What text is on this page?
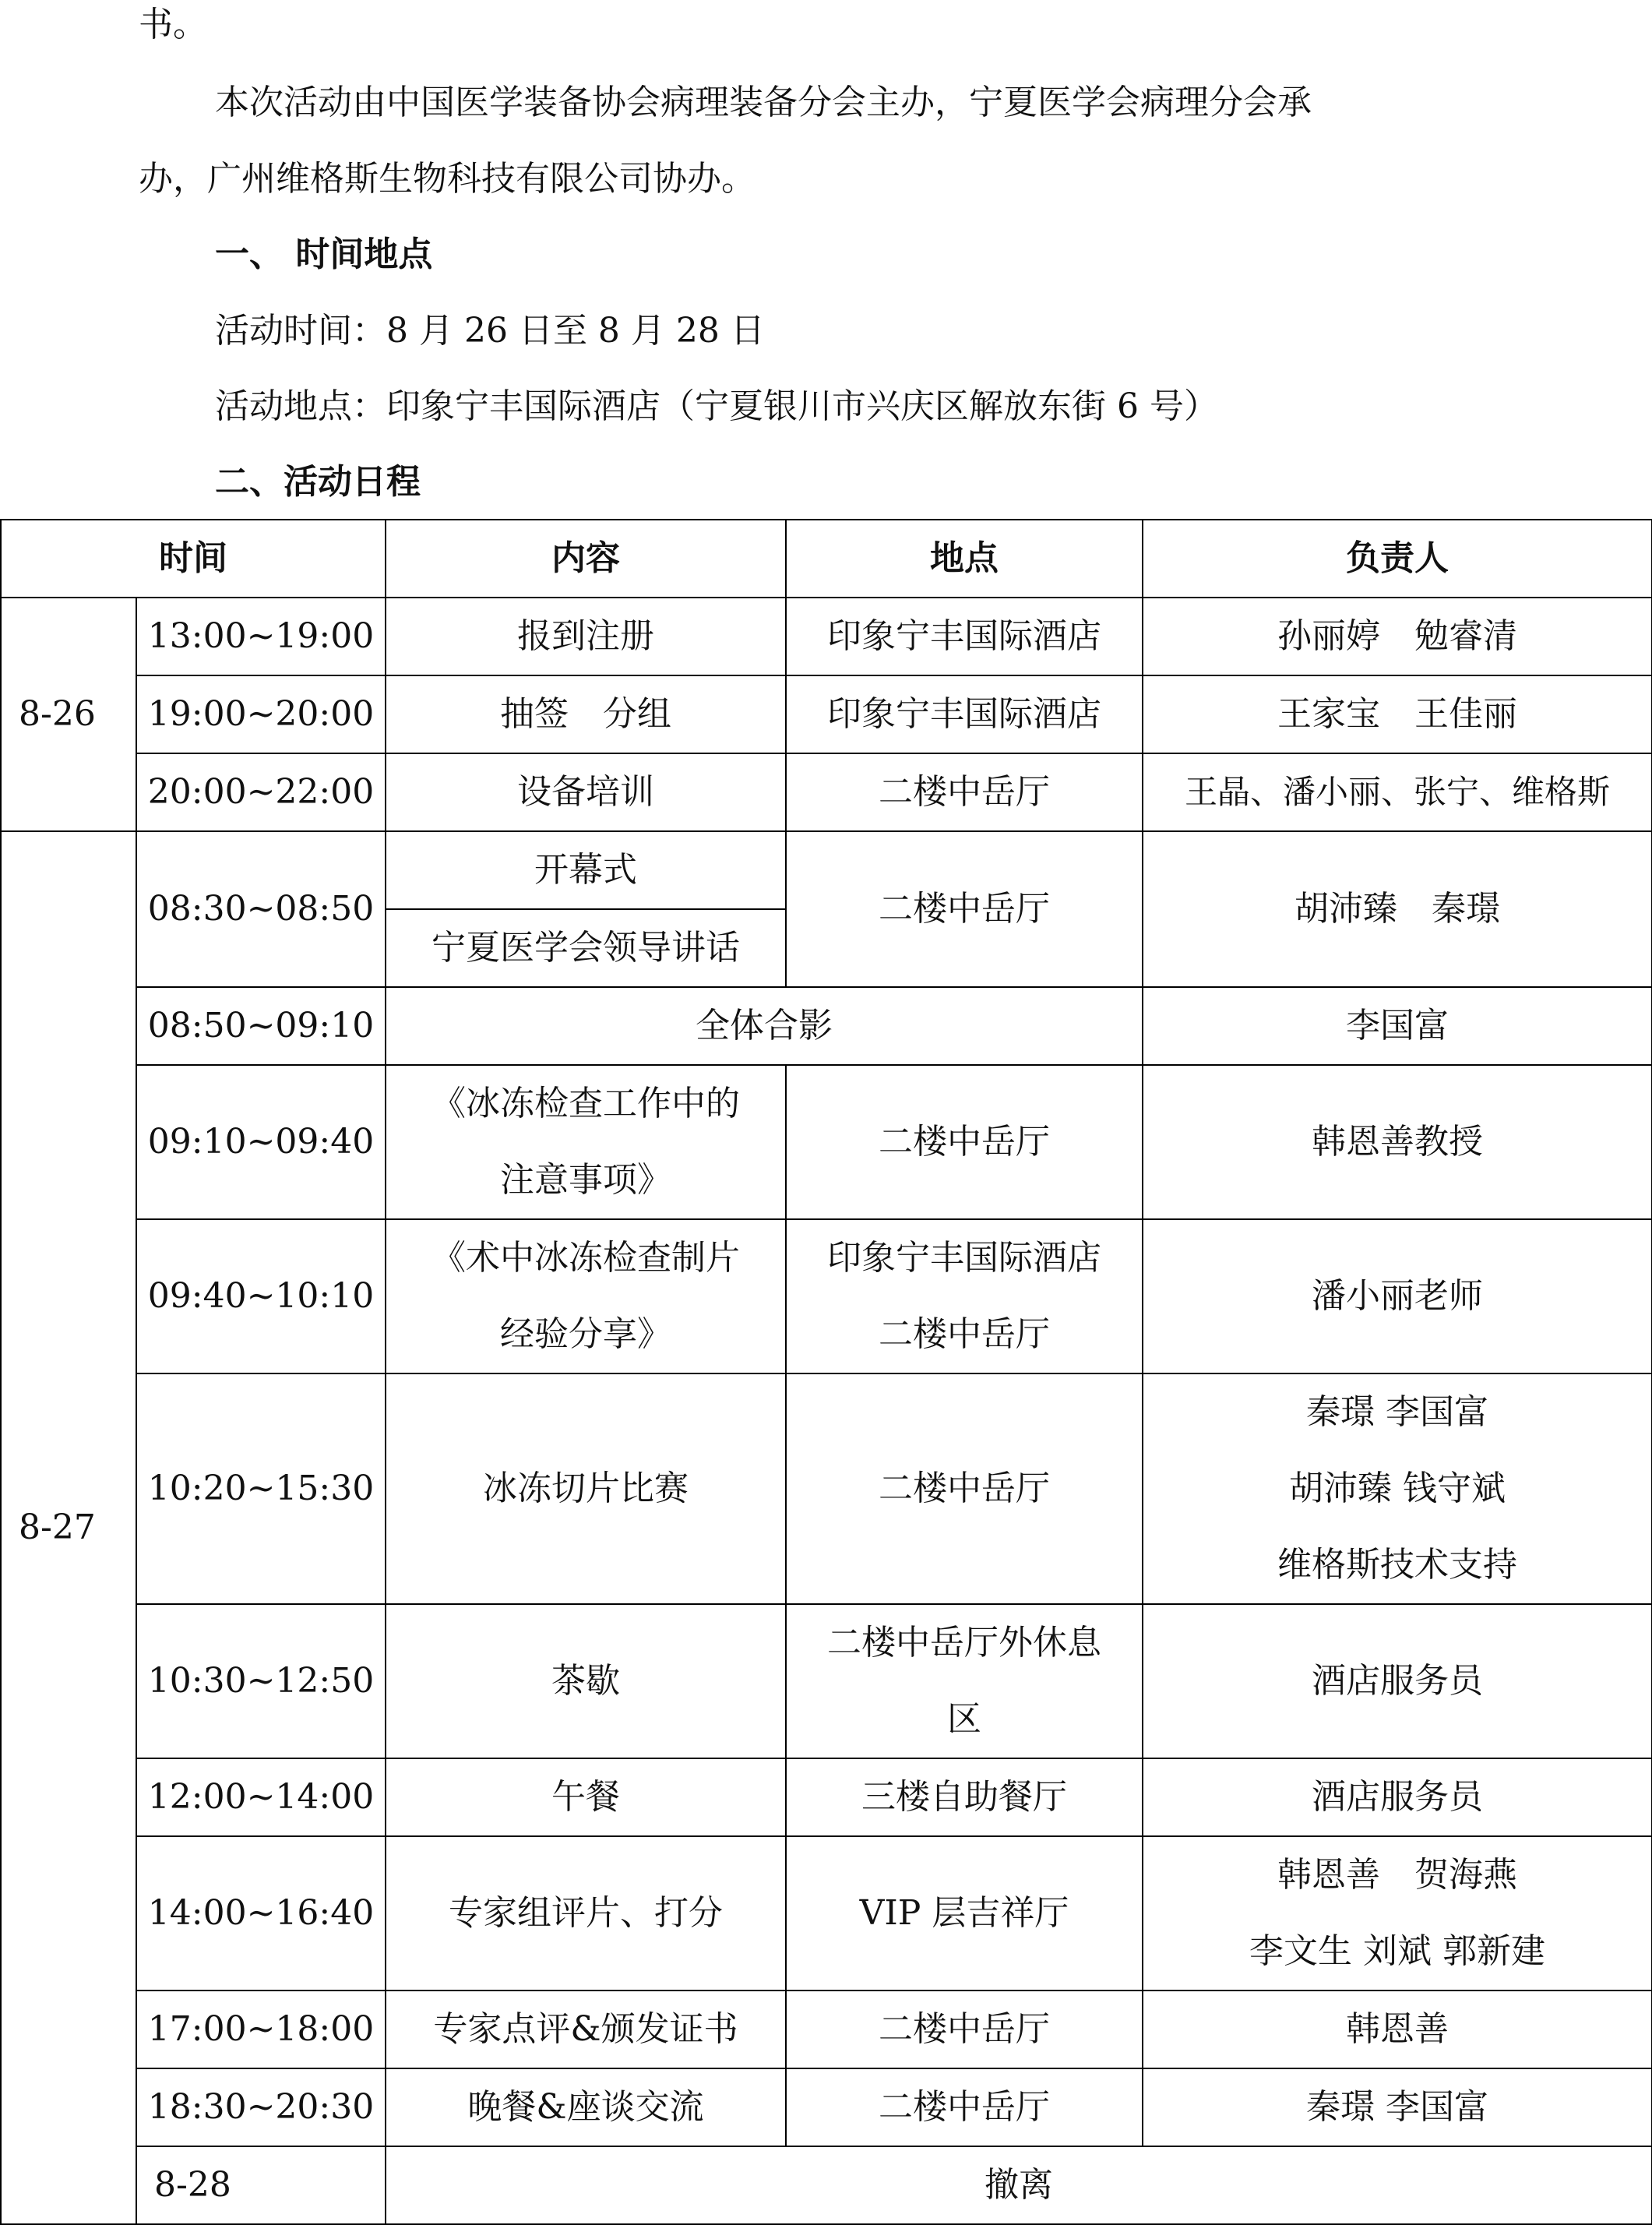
书。

本次活动由中国医学装备协会病理装备分会主办，宁夏医学会病理分会承

办，广州维格斯生物科技有限公司协办。

一、 时间地点

活动时间：8 月 26 日至 8 月 28 日

活动地点：印象宁丰国际酒店（宁夏银川市兴庆区解放东街 6 号）

二、活动日程

时间		内容	地点	负责人
8-26	13:00~19:00	报到注册	印象宁丰国际酒店	孙丽婷　勉睿清
	19:00~20:00	抽签　分组	印象宁丰国际酒店	王家宝　王佳丽
	20:00~22:00	设备培训	二楼中岳厅	王晶、潘小丽、张宁、维格斯
8-27	08:30~08:50	开幕式	二楼中岳厅	胡沛臻　秦璟
		宁夏医学会领导讲话		
	08:50~09:10	全体合影		李国富
	09:10~09:40	《冰冻检查工作中的
注意事项》	二楼中岳厅	韩恩善教授
	09:40~10:10	《术中冰冻检查制片
经验分享》	印象宁丰国际酒店
二楼中岳厅	潘小丽老师
	10:20~15:30	冰冻切片比赛	二楼中岳厅	秦璟 李国富
胡沛臻 钱守斌
维格斯技术支持

	10:30~12:50	茶歇	二楼中岳厅外休息
区	酒店服务员
	12:00~14:00	午餐	三楼自助餐厅	酒店服务员
	14:00~16:40	专家组评片、打分	VIP 层吉祥厅	韩恩善　贺海燕
李文生 刘斌 郭新建

	17:00~18:00	专家点评&颁发证书	二楼中岳厅	韩恩善
	18:30~20:30	晚餐&座谈交流	二楼中岳厅	秦璟 李国富
	8-28	撤离		
